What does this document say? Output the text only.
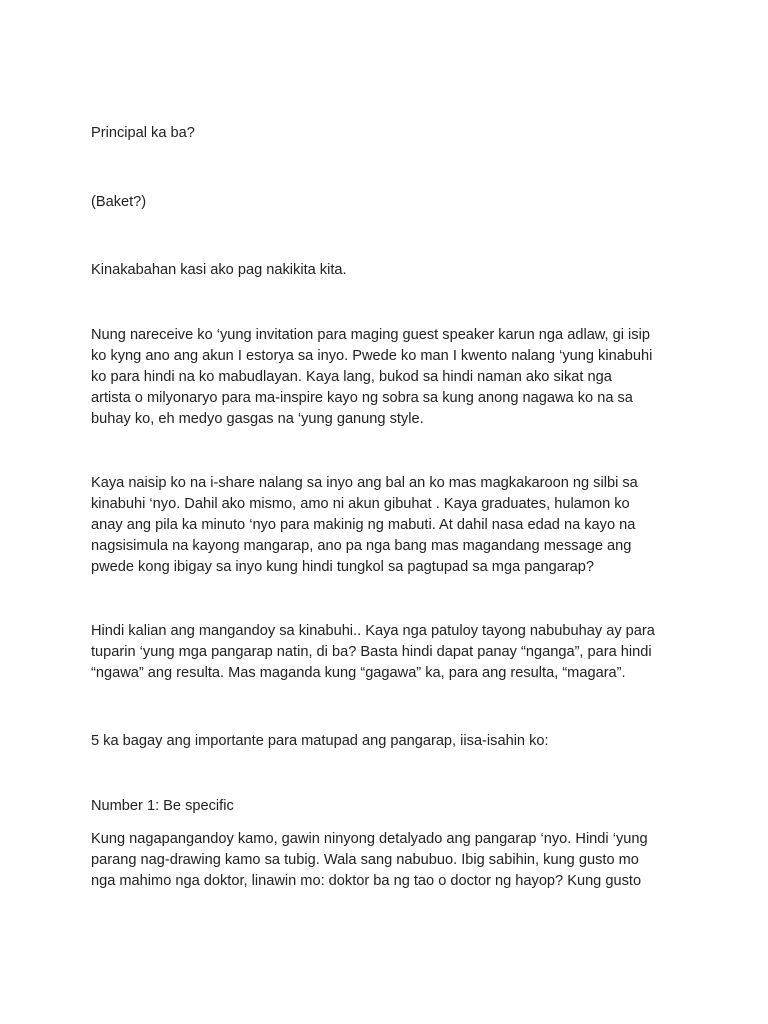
Principal ka ba?

(Baket?)

Kinakabahan kasi ako pag nakikita kita.

Nung nareceive ko ‘yung invitation para maging guest speaker karun nga adlaw, gi isip
ko kyng ano ang akun I estorya sa inyo. Pwede ko man I kwento nalang ‘yung kinabuhi
ko para hindi na ko mabudlayan. Kaya lang, bukod sa hindi naman ako sikat nga
artista o milyonaryo para ma-inspire kayo ng sobra sa kung anong nagawa ko na sa
buhay ko, eh medyo gasgas na ‘yung ganung style.

Kaya naisip ko na i-share nalang sa inyo ang bal an ko mas magkakaroon ng silbi sa
kinabuhi ‘nyo. Dahil ako mismo, amo ni akun gibuhat . Kaya graduates, hulamon ko
anay ang pila ka minuto ‘nyo para makinig ng mabuti. At dahil nasa edad na kayo na
nagsisimula na kayong mangarap, ano pa nga bang mas magandang message ang
pwede kong ibigay sa inyo kung hindi tungkol sa pagtupad sa mga pangarap?

Hindi kalian ang mangandoy sa kinabuhi.. Kaya nga patuloy tayong nabubuhay ay para
tuparin ‘yung mga pangarap natin, di ba? Basta hindi dapat panay “nganga”, para hindi
“ngawa” ang resulta. Mas maganda kung “gagawa” ka, para ang resulta, “magara”.

5 ka bagay ang importante para matupad ang pangarap, iisa-isahin ko:

Number 1: Be specific

Kung nagapangandoy kamo, gawin ninyong detalyado ang pangarap ‘nyo. Hindi ‘yung
parang nag-drawing kamo sa tubig. Wala sang nabubuo. Ibig sabihin, kung gusto mo
nga mahimo nga doktor, linawin mo: doktor ba ng tao o doctor ng hayop? Kung gusto
